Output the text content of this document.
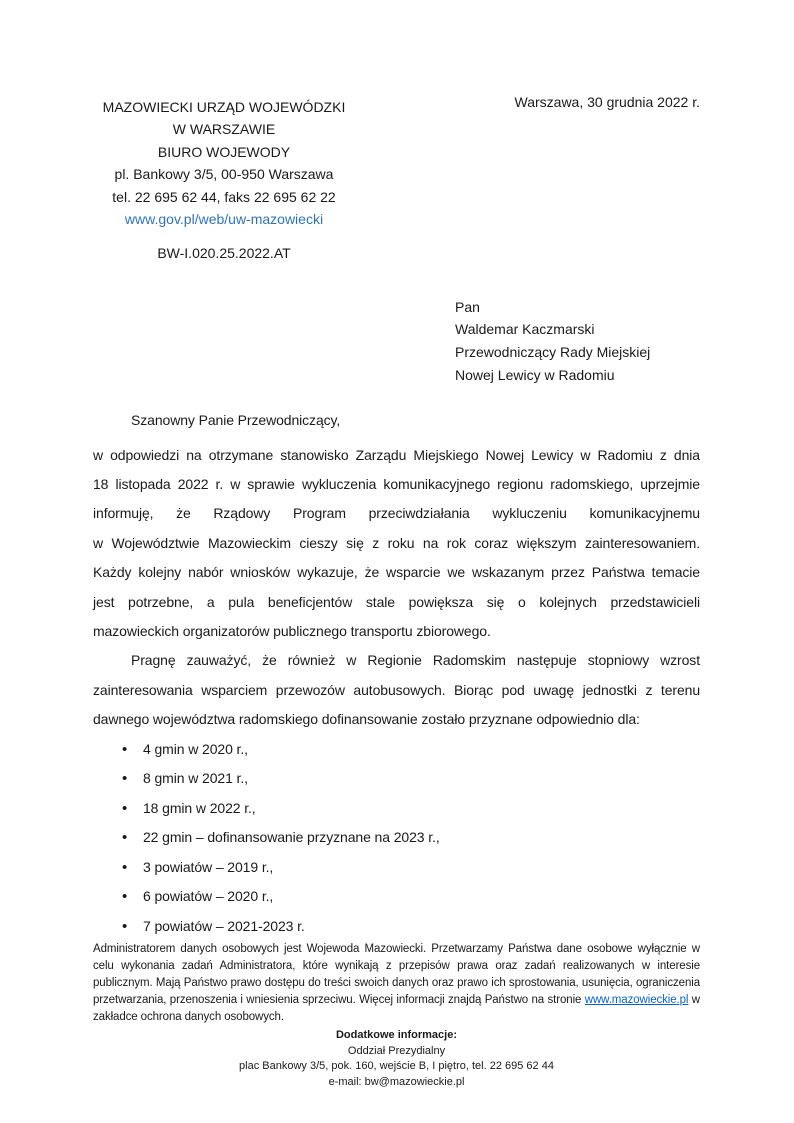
Warszawa, 30 grudnia 2022 r.
MAZOWIECKI URZĄD WOJEWÓDZKI
W WARSZAWIE
BIURO WOJEWODY
pl. Bankowy 3/5, 00-950 Warszawa
tel. 22 695 62 44, faks 22 695 62 22
www.gov.pl/web/uw-mazowiecki
BW-I.020.25.2022.AT
Pan
Waldemar Kaczmarski
Przewodniczący Rady Miejskiej
Nowej Lewicy w Radomiu
Szanowny Panie Przewodniczący,
w odpowiedzi na otrzymane stanowisko Zarządu Miejskiego Nowej Lewicy w Radomiu z dnia
18 listopada 2022 r. w sprawie wykluczenia komunikacyjnego regionu radomskiego, uprzejmie
informuję, że Rządowy Program przeciwdziałania wykluczeniu komunikacyjnemu
w Województwie Mazowieckim cieszy się z roku na rok coraz większym zainteresowaniem.
Każdy kolejny nabór wniosków wykazuje, że wsparcie we wskazanym przez Państwa temacie
jest potrzebne, a pula beneficjentów stale powiększa się o kolejnych przedstawicieli
mazowieckich organizatorów publicznego transportu zbiorowego.
Pragnę zauważyć, że również w Regionie Radomskim następuje stopniowy wzrost
zainteresowania wsparciem przewozów autobusowych. Biorąc pod uwagę jednostki z terenu
dawnego województwa radomskiego dofinansowanie zostało przyznane odpowiednio dla:
• 4 gmin w 2020 r.,
• 8 gmin w 2021 r.,
• 18 gmin w 2022 r.,
• 22 gmin – dofinansowanie przyznane na 2023 r.,
• 3 powiatów – 2019 r.,
• 6 powiatów – 2020 r.,
• 7 powiatów – 2021-2023 r.
Administratorem danych osobowych jest Wojewoda Mazowiecki. Przetwarzamy Państwa dane osobowe wyłącznie w celu wykonania zadań Administratora, które wynikają z przepisów prawa oraz zadań realizowanych w interesie publicznym. Mają Państwo prawo dostępu do treści swoich danych oraz prawo ich sprostowania, usunięcia, ograniczenia przetwarzania, przenoszenia i wniesienia sprzeciwu. Więcej informacji znajdą Państwo na stronie www.mazowieckie.pl w zakładce ochrona danych osobowych.
Dodatkowe informacje:
Oddział Prezydialny
plac Bankowy 3/5, pok. 160, wejście B, I piętro, tel. 22 695 62 44
e-mail: bw@mazowieckie.pl
